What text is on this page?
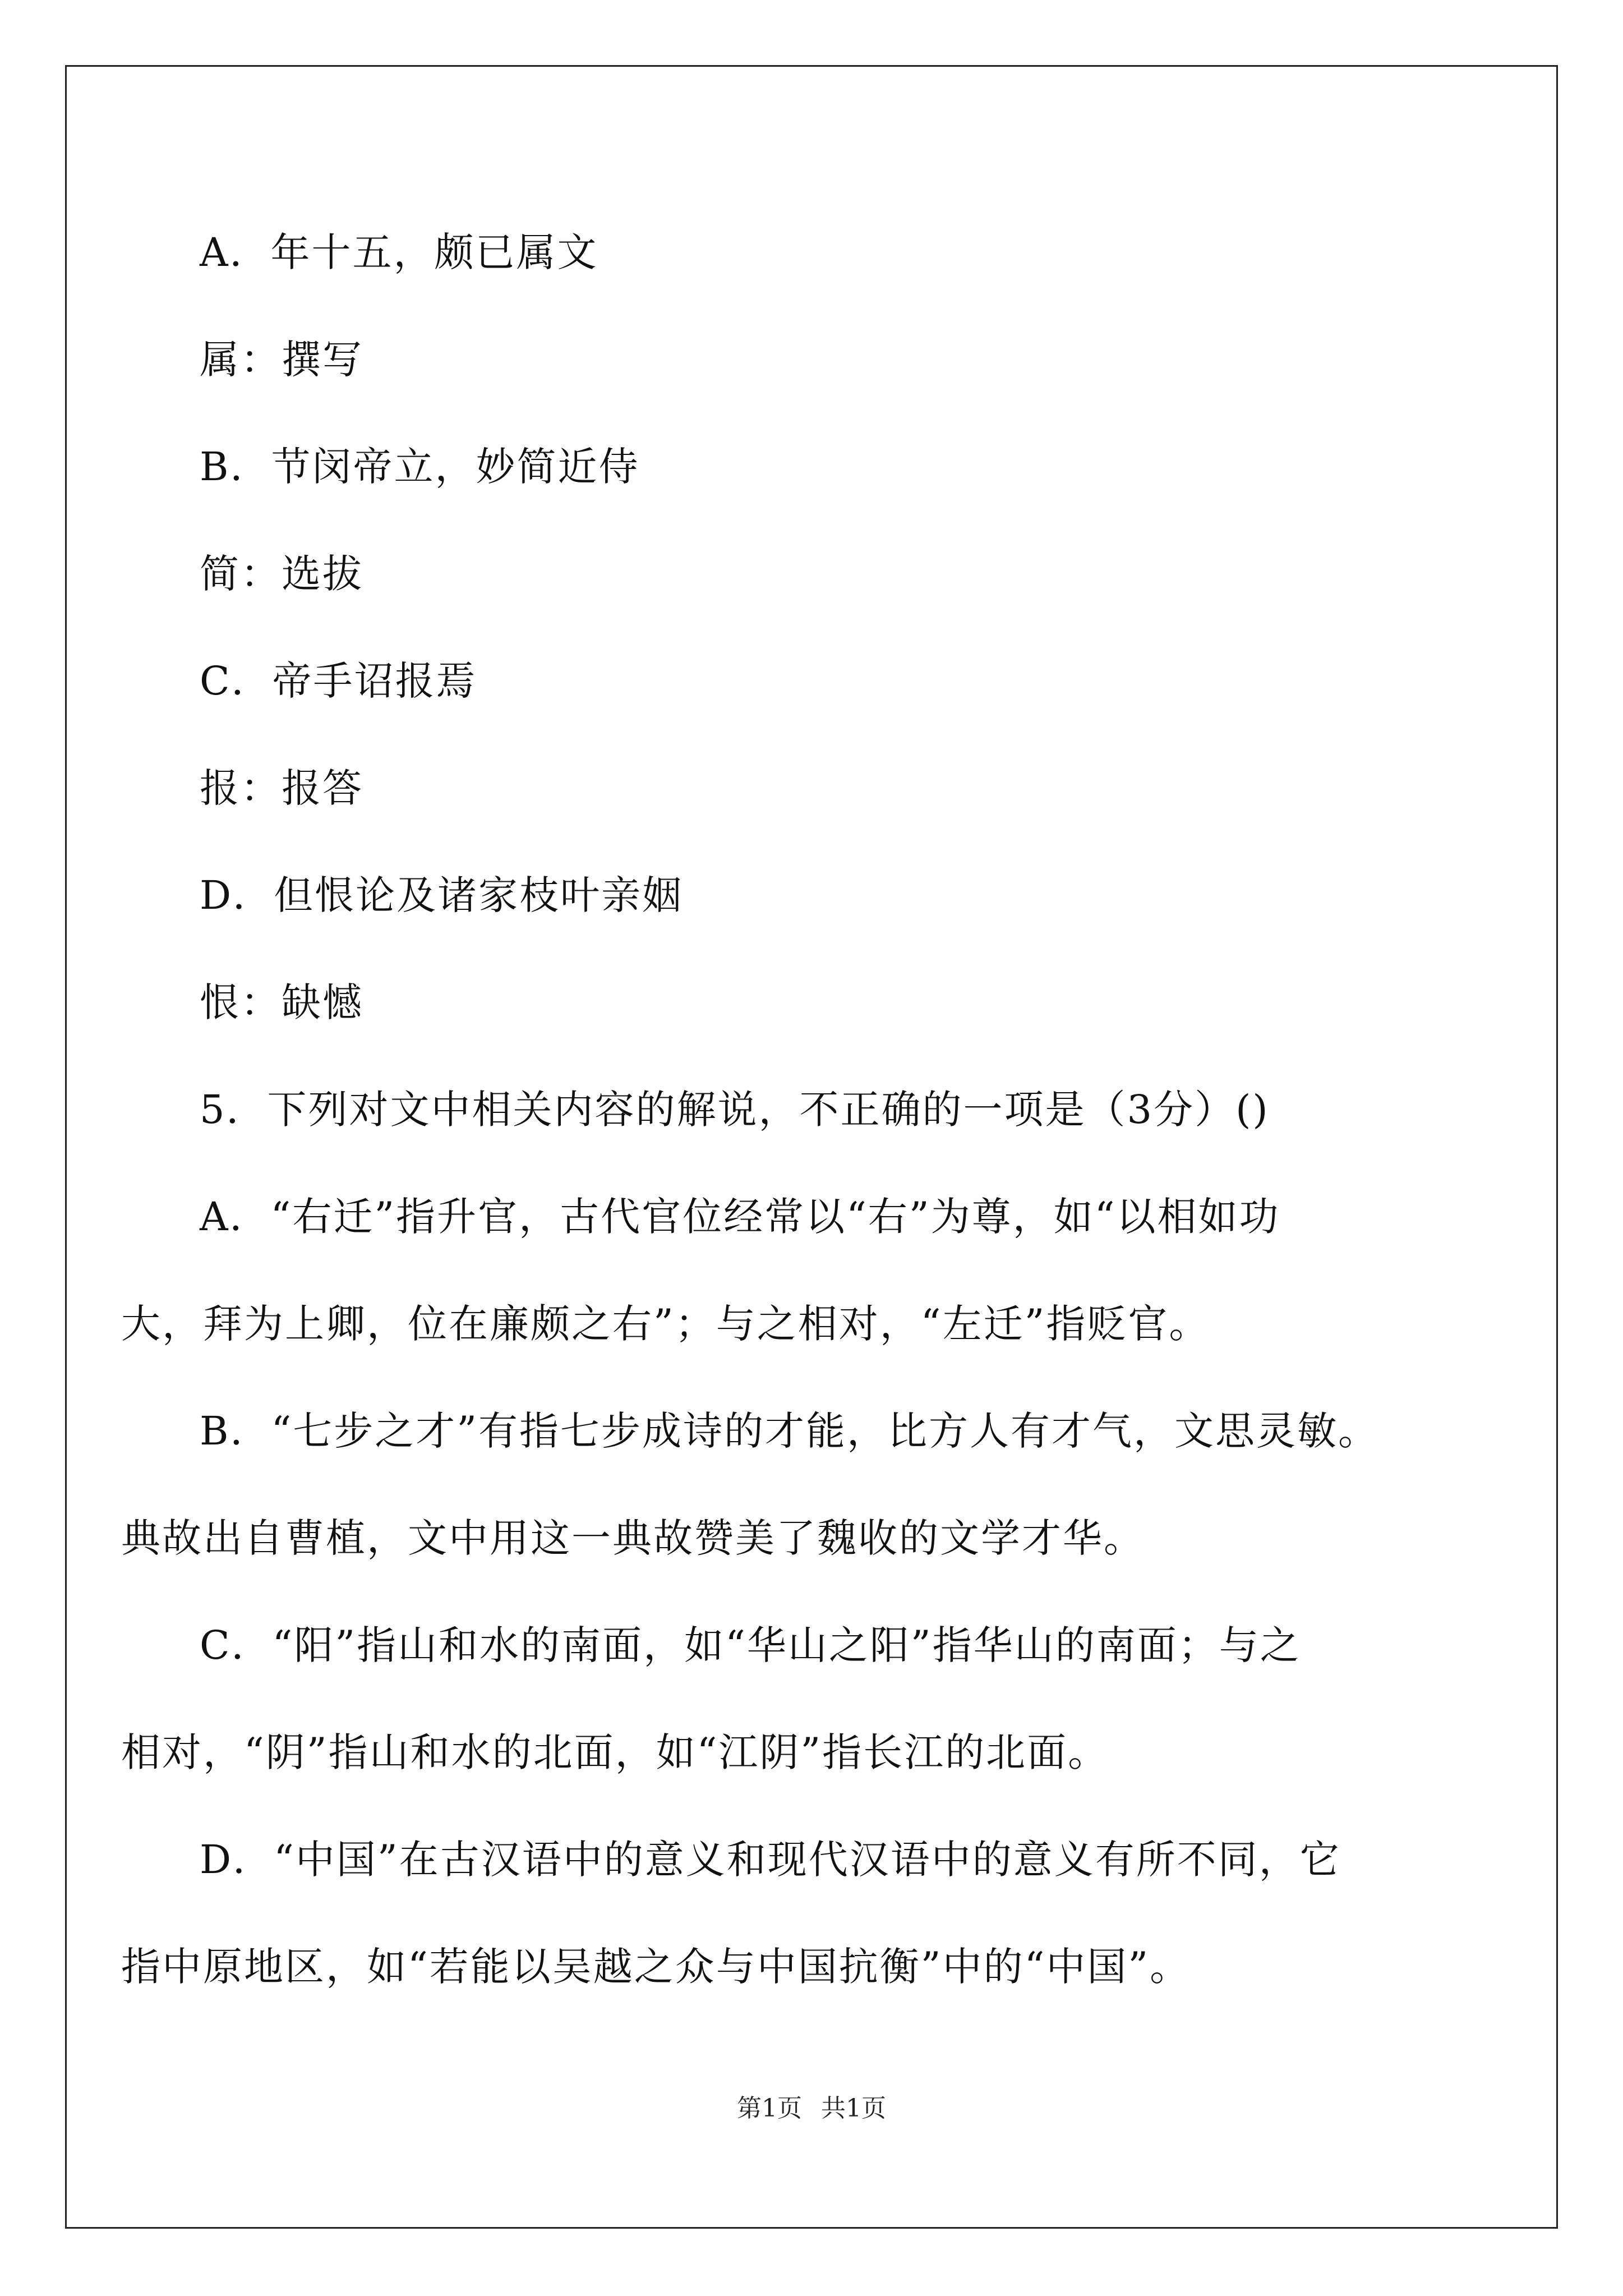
A．年十五，颇已属文

属：撰写

B．节闵帝立，妙简近侍

简：选拔

C．帝手诏报焉

报：报答

D．但恨论及诸家枝叶亲姻

恨：缺憾

5．下列对文中相关内容的解说，不正确的一项是（3分）()

A．“右迁”指升官，古代官位经常以“右”为尊，如“以相如功
大，拜为上卿，位在廉颇之右”；与之相对，“左迁”指贬官。
B．“七步之才”有指七步成诗的才能，比方人有才气，文思灵敏。
典故出自曹植，文中用这一典故赞美了魏收的文学才华。
C．“阳”指山和水的南面，如“华山之阳”指华山的南面；与之
相对，“阴”指山和水的北面，如“江阴”指长江的北面。
D．“中国”在古汉语中的意义和现代汉语中的意义有所不同，它
指中原地区，如“若能以吴越之众与中国抗衡”中的“中国”。
第1页 共1页
